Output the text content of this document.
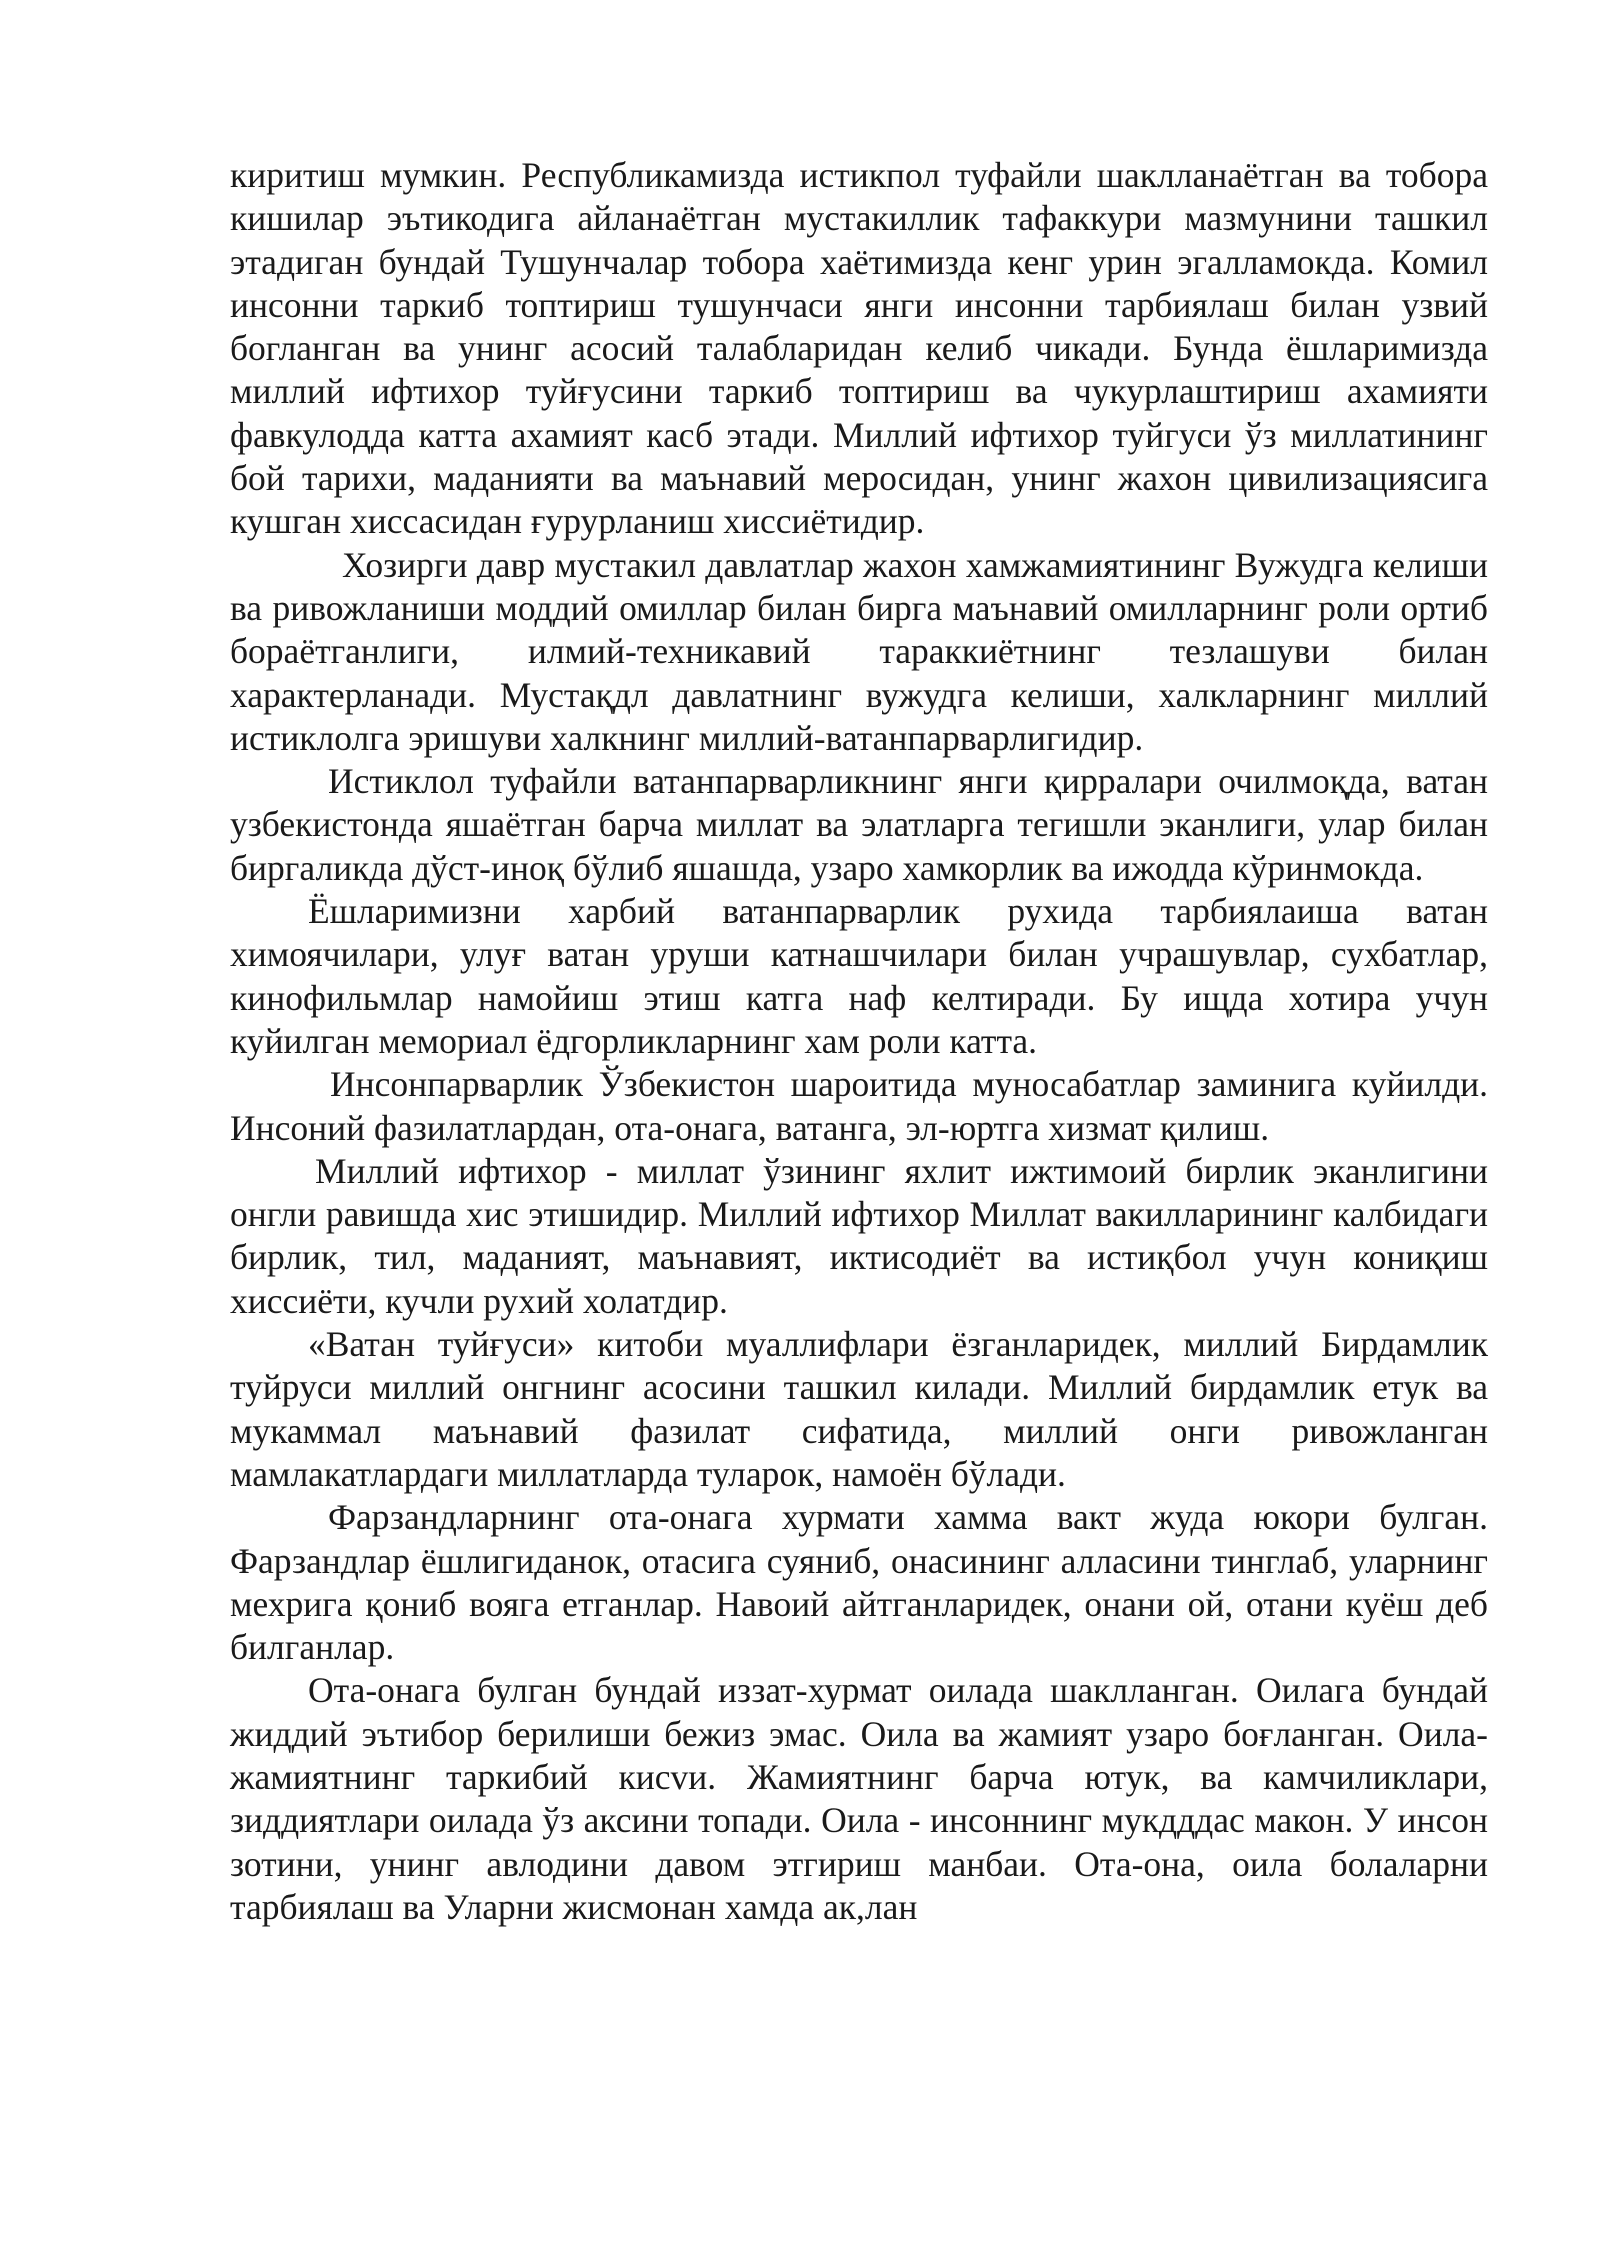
киритиш мумкин. Республикамизда истикпол туфайли шаклланаётган ва тобора кишилар эътикодига айланаётган мустакиллик тафаккури мазмунини ташкил этадиган бундай Тушунчалар тобора хаётимизда кенг урин эгалламокда. Комил инсонни таркиб топтириш тушунчаси янги инсонни тарбиялаш билан узвий богланган ва унинг асосий талабларидан келиб чикади. Бунда ёшларимизда миллий ифтихор туйғусини таркиб топтириш ва чукурлаштириш ахамияти фавкулодда катта ахамият касб этади. Миллий ифтихор туйгуси ўз миллатининг бой тарихи, маданияти ва маънавий меросидан, унинг жахон цивилизациясига кушган хиссасидан ғурурланиш хиссиётидир.

Хозирги давр мустакил давлатлар жахон хамжамиятининг Вужудга келиши ва ривожланиши моддий омиллар билан бирга маънавий омилларнинг роли ортиб бораётганлиги, илмий-техникавий тараккиётнинг тезлашуви билан характерланади. Мустақдл давлатнинг вужудга келиши, халкларнинг миллий истиклолга эришуви халкнинг миллий-ватанпарварлигидир.

Истиклол туфайли ватанпарварликнинг янги қирралари очилмоқда, ватан узбекистонда яшаётган барча миллат ва элатларга тегишли эканлиги, улар билан биргаликда дўст-иноқ бўлиб яшашда, узаро хамкорлик ва ижодда кўринмокда.

Ёшларимизни харбий ватанпарварлик рухида тарбиялаиша ватан химоячилари, улуғ ватан уруши катнашчилари билан учрашувлар, сухбатлар, кинофильмлар намойиш этиш катга наф келтиради. Бу ищда хотира учун куйилган мемориал ёдгорликларнинг хам роли катта.

Инсонпарварлик Ўзбекистон шароитида муносабатлар заминига куйилди. Инсоний фазилатлардан, ота-онага, ватанга, эл-юртга хизмат қилиш.

Миллий ифтихор - миллат ўзининг яхлит ижтимоий бирлик эканлигини онгли равишда хис этишидир. Миллий ифтихор Миллат вакилларининг калбидаги бирлик, тил, маданият, маънавият, иктисодиёт ва истиқбол учун кониқиш хиссиёти, кучли рухий холатдир.

«Ватан туйғуси» китоби муаллифлари ёзганларидек, миллий Бирдамлик туйруси миллий онгнинг асосини ташкил килади. Миллий бирдамлик етук ва мукаммал маънавий фазилат сифатида, миллий онги ривожланган мамлакатлардаги миллатларда туларок, намоён бўлади.

Фарзандларнинг ота-онага хурмати хамма вакт жуда юкори булган. Фарзандлар ёшлигиданок, отасига суяниб, онасининг алласини тинглаб, уларнинг мехрига қониб вояга етганлар. Навоий айтганларидек, онани ой, отани куёш деб билганлар.

Ота-онага булган бундай иззат-хурмат оилада шаклланган. Оилага бундай жиддий эътибор берилиши бежиз эмас. Оила ва жамият узаро боғланган. Оила-жамиятнинг таркибий кисvи. Жамиятнинг барча ютук, ва камчиликлари, зиддиятлари оилада ўз аксини топади. Оила - инсоннинг мукдддас макон. У инсон зотини, унинг авлодини давом этгириш манбаи. Ота-она, оила болаларни тарбиялаш ва Уларни жисмонан хамда ак,лан
